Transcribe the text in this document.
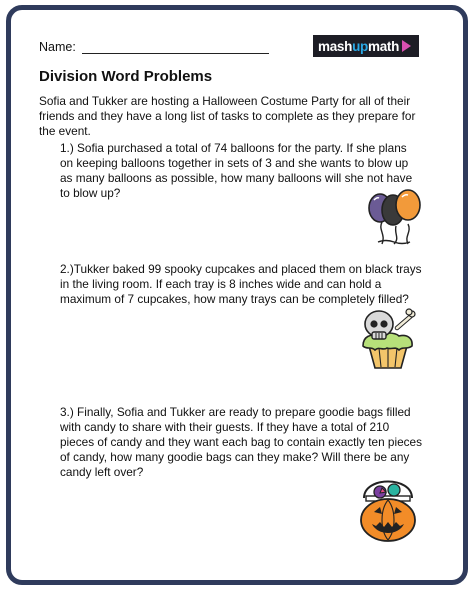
Name:	mash up math
Division Word Problems
Sofia and Tukker are hosting a Halloween Costume Party for all of their friends and they have a long list of tasks to complete as they prepare for the event.
1.) Sofia purchased a total of 74 balloons for the party. If she plans on keeping balloons together in sets of 3 and she wants to blow up as many balloons as possible, how many balloons will she not have to blow up?
2.)Tukker baked 99 spooky cupcakes and placed them on black trays in the living room. If each tray is 8 inches wide and can hold a maximum of 7 cupcakes, how many trays can be completely filled?
3.) Finally, Sofia and Tukker are ready to prepare goodie bags filled with candy to share with their guests. If they have a total of 210 pieces of candy and they want each bag to contain exactly ten pieces of candy, how many goodie bags can they make? Will there be any candy left over?
